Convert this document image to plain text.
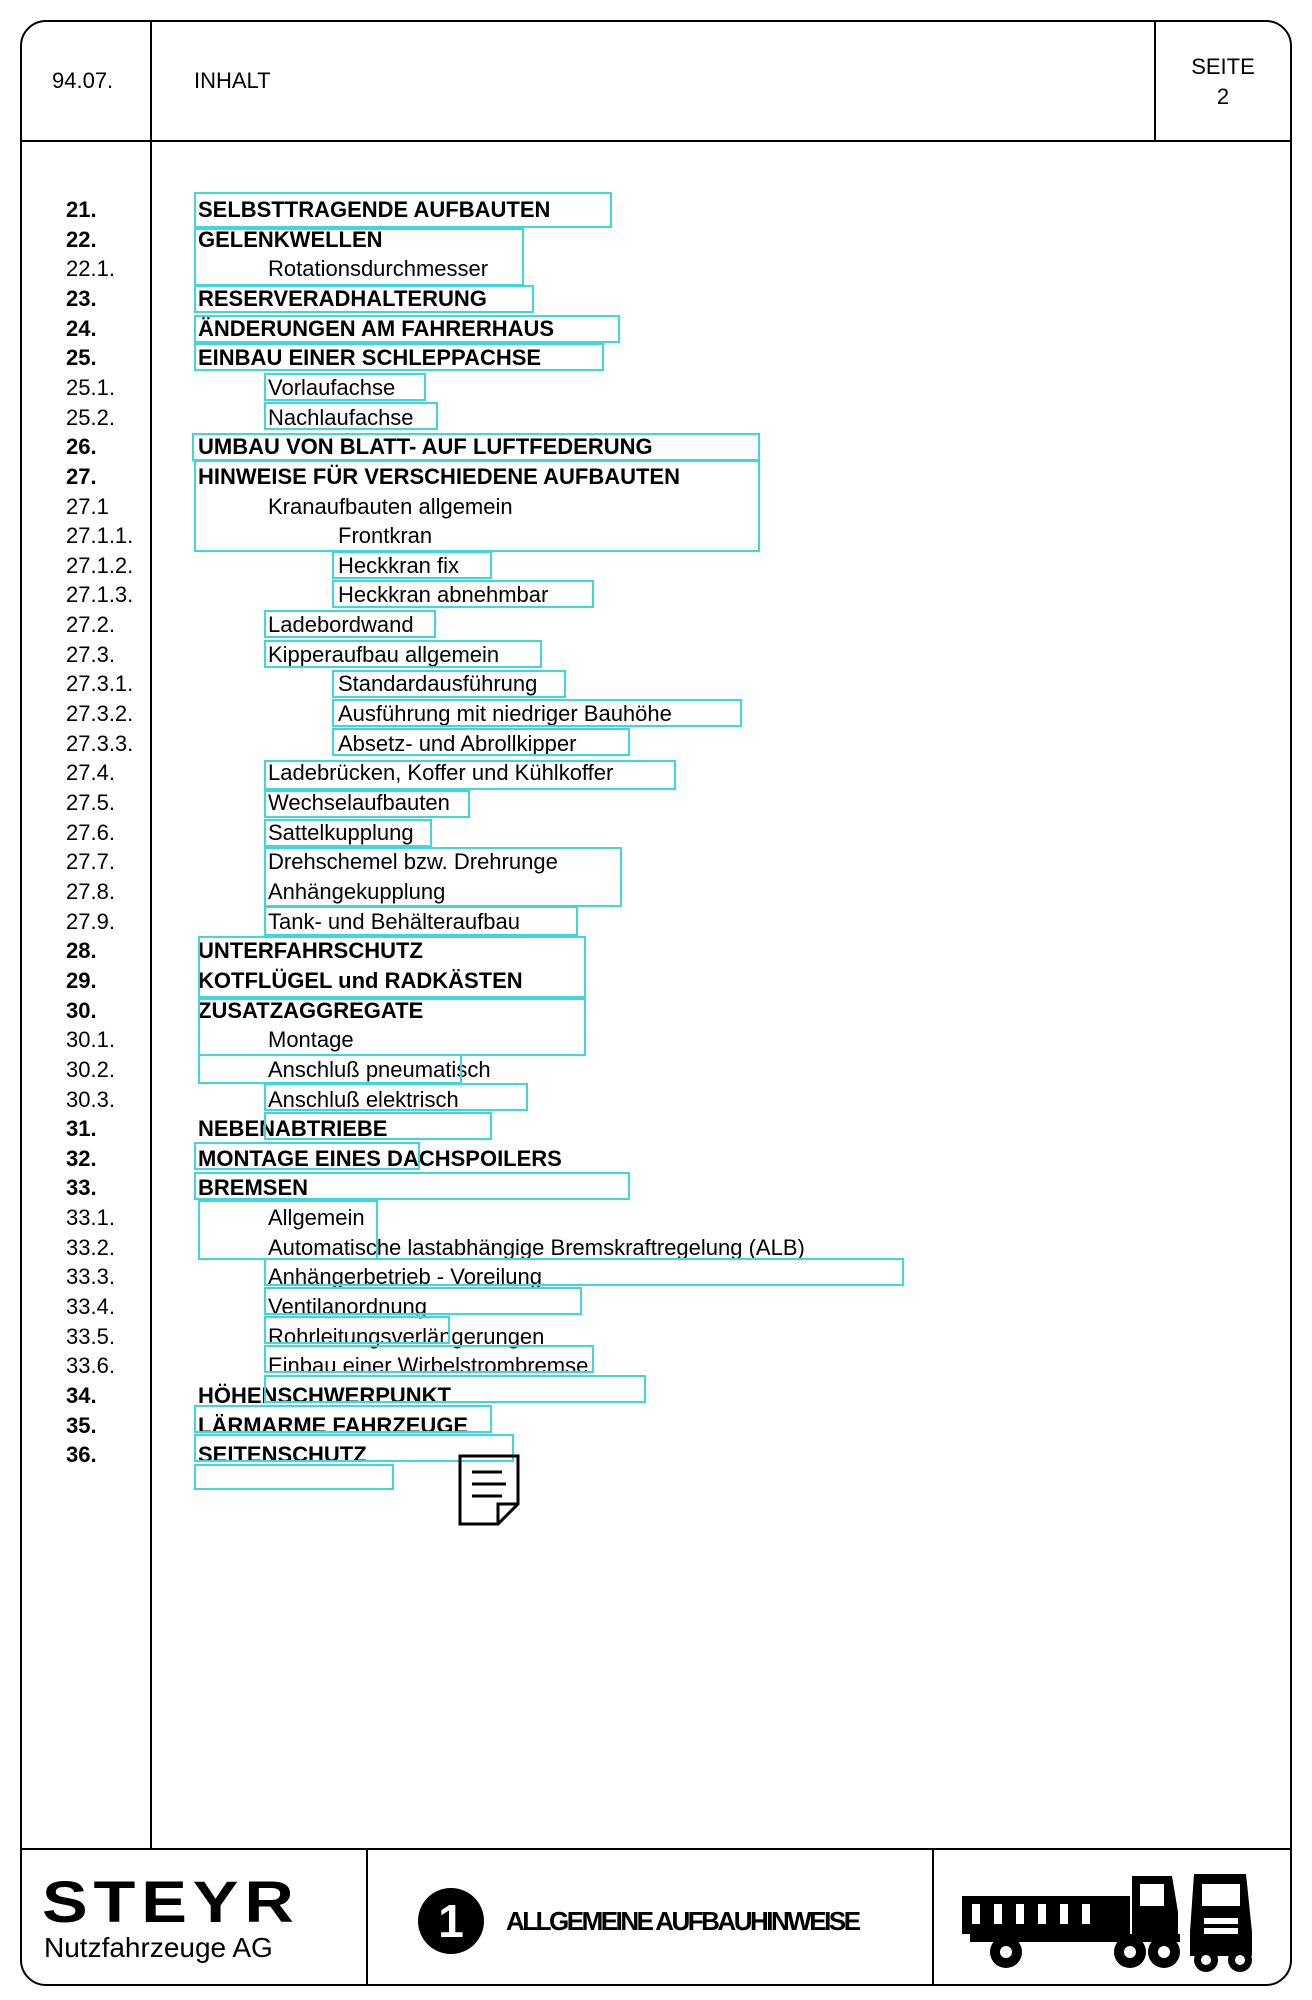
94.07.	INHALT
SEITE
2
21.	SELBSTTRAGENDE AUFBAUTEN
22.	GELENKWELLEN
22.1.	Rotationsdurchmesser
23.	RESERVERADHALTERUNG
24.	ÄNDERUNGEN AM FAHRERHAUS
25.	EINBAU EINER SCHLEPPACHSE
25.1.	Vorlaufachse
25.2.	Nachlaufachse
26.	UMBAU VON BLATT- AUF LUFTFEDERUNG
27.	HINWEISE FÜR VERSCHIEDENE AUFBAUTEN
27.1	Kranaufbauten allgemein
27.1.1.	Frontkran
27.1.2.	Heckkran fix
27.1.3.	Heckkran abnehmbar
27.2.	Ladebordwand
27.3.	Kipperaufbau allgemein
27.3.1.	Standardausführung
27.3.2.	Ausführung mit niedriger Bauhöhe
27.3.3.	Absetz- und Abrollkipper
27.4.	Ladebrücken, Koffer und Kühlkoffer
27.5.	Wechselaufbauten
27.6.	Sattelkupplung
27.7.	Drehschemel bzw. Drehrunge
27.8.	Anhängekupplung
27.9.	Tank- und Behälteraufbau
28.	UNTERFAHRSCHUTZ
29.	KOTFLÜGEL und RADKÄSTEN
30.	ZUSATZAGGREGATE
30.1.	Montage
30.2.	Anschluß pneumatisch
30.3.	Anschluß elektrisch
31.	NEBENABTRIEBE
32.	MONTAGE EINES DACHSPOILERS
33.	BREMSEN
33.1.	Allgemein
33.2.	Automatische lastabhängige Bremskraftregelung (ALB)
33.3.	Anhängerbetrieb - Voreilung
33.4.	Ventilanordnung
33.5.	Rohrleitungsverlängerungen
33.6.	Einbau einer Wirbelstrombremse
34.	HÖHENSCHWERPUNKT
35.	LÄRMARME FAHRZEUGE
36.	SEITENSCHUTZ
STEYR
Nutzfahrzeuge AG
1	ALLGEMEINE AUFBAUHINWEISE
